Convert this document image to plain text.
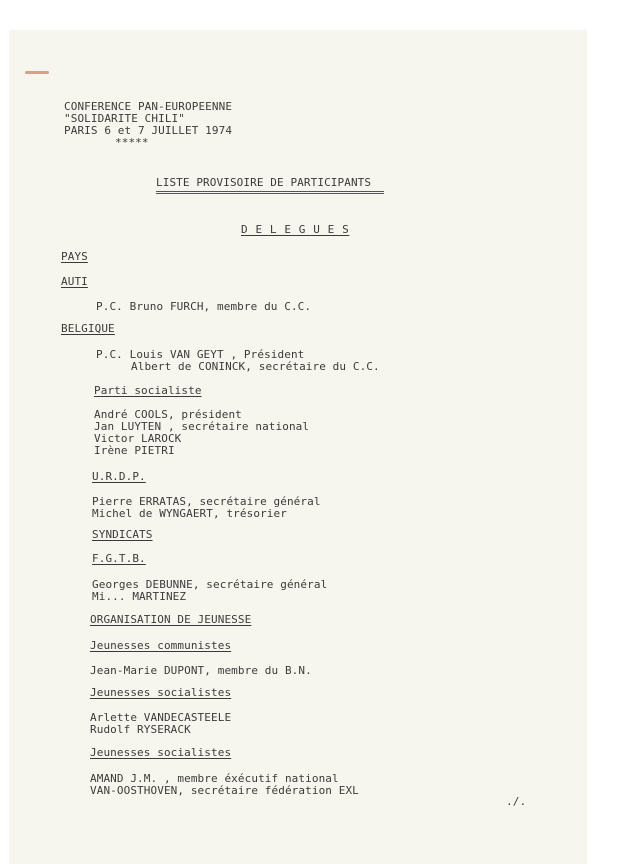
CONFERENCE PAN-EUROPEENNE
"SOLIDARITE CHILI"
PARIS 6 et 7 JUILLET 1974
*****
LISTE PROVISOIRE DE PARTICIPANTS
D E L E G U E S
PAYS
AUTI
P.C. Bruno FURCH, membre du C.C.
BELGIQUE
P.C. Louis VAN GEYT , Président
Albert de CONINCK, secrétaire du C.C.
Parti socialiste
André COOLS, président
Jan LUYTEN , secrétaire national
Victor LAROCK
Irène PIETRI
U.R.D.P.
Pierre ERRATAS, secrétaire général
Michel de WYNGAERT, trésorier
SYNDICATS
F.G.T.B.
Georges DEBUNNE, secrétaire général
Mi... MARTINEZ
ORGANISATION DE JEUNESSE
Jeunesses communistes
Jean-Marie DUPONT, membre du B.N.
Jeunesses socialistes
Arlette VANDECASTEELE
Rudolf RYSERACK
Jeunesses socialistes
AMAND J.M. , membre éxécutif national
VAN-OOSTHOVEN, secrétaire fédération EXL
./.
